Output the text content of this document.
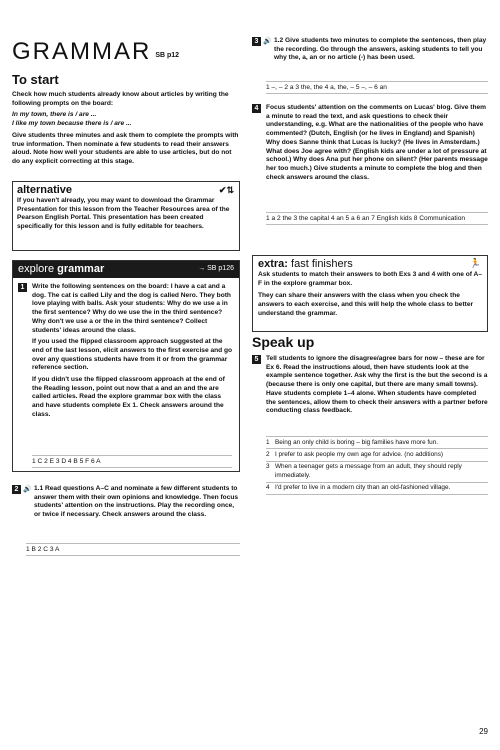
GRAMMAR SB p12
To start
Check how much students already know about articles by writing the following prompts on the board:
In my town, there is / are ...
I like my town because there is / are ...
Give students three minutes and ask them to complete the prompts with true information. Then nominate a few students to read their answers aloud. Note how well your students are able to use articles, but do not do any explicit correcting at this stage.
alternative	✔⇅
If you haven't already, you may want to download the Grammar Presentation for this lesson from the Teacher Resources area of the Pearson English Portal. This presentation has been created specifically for this lesson and is fully editable for teachers.
explore grammar	→ SB p126
1	Write the following sentences on the board: I have a cat and a dog. The cat is called Lily and the dog is called Nero. They both love playing with balls. Ask your students: Why do we use a in the first sentence? Why do we use the in the third sentence? Why don't we use a or the in the third sentence? Collect students' ideas around the class.
If you used the flipped classroom approach suggested at the end of the last lesson, elicit answers to the first exercise and go over any questions students have from it or from the grammar reference section.
If you didn't use the flipped classroom approach at the end of the Reading lesson, point out now that a and an and the are called articles. Read the explore grammar box with the class and have students complete Ex 1. Check answers around the class.
1 C 2 E 3 D 4 B 5 F 6 A
2 🔊 1.1 Read questions A–C and nominate a few different students to answer them with their own opinions and knowledge. Then focus students' attention on the instructions. Play the recording once, or twice if necessary. Check answers around the class.
1 B 2 C 3 A
3 🔊 1.2 Give students two minutes to complete the sentences, then play the recording. Go through the answers, asking students to tell you why the, a, an or no article (-) has been used.
1 –, – 2 a 3 the, the 4 a, the, – 5 –, – 6 an
4	Focus students' attention on the comments on Lucas' blog. Give them a minute to read the text, and ask questions to check their understanding, e.g. What are the nationalities of the people who have commented? (Dutch, English (or he lives in England) and Spanish) Why does Sanne think that Lucas is lucky? (He lives in Amsterdam.) What does Joe agree with? (English kids are under a lot of pressure at school.) Why does Ana put her phone on silent? (Her parents message her too much.) Give students a minute to complete the blog and then check answers around the class.
1 a 2 the 3 the capital 4 an 5 a 6 an 7 English kids 8 Communication
extra: fast finishers	🏃
Ask students to match their answers to both Exs 3 and 4 with one of A–F in the explore grammar box.
They can share their answers with the class when you check the answers to each exercise, and this will help the whole class to better understand the grammar.
Speak up
5	Tell students to ignore the disagree/agree bars for now – these are for Ex 6. Read the instructions aloud, then have students look at the example sentence together. Ask why the first is the but the second is a (because there is only one capital, but there are many small towns). Have students complete 1–4 alone. When students have completed the sentences, allow them to check their answers with a partner before conducting class feedback.
1 Being an only child is boring – big families have more fun.
2 I prefer to ask people my own age for advice. (no additions)
3 When a teenager gets a message from an adult, they should reply immediately.
4 I'd prefer to live in a modern city than an old-fashioned village.
29
